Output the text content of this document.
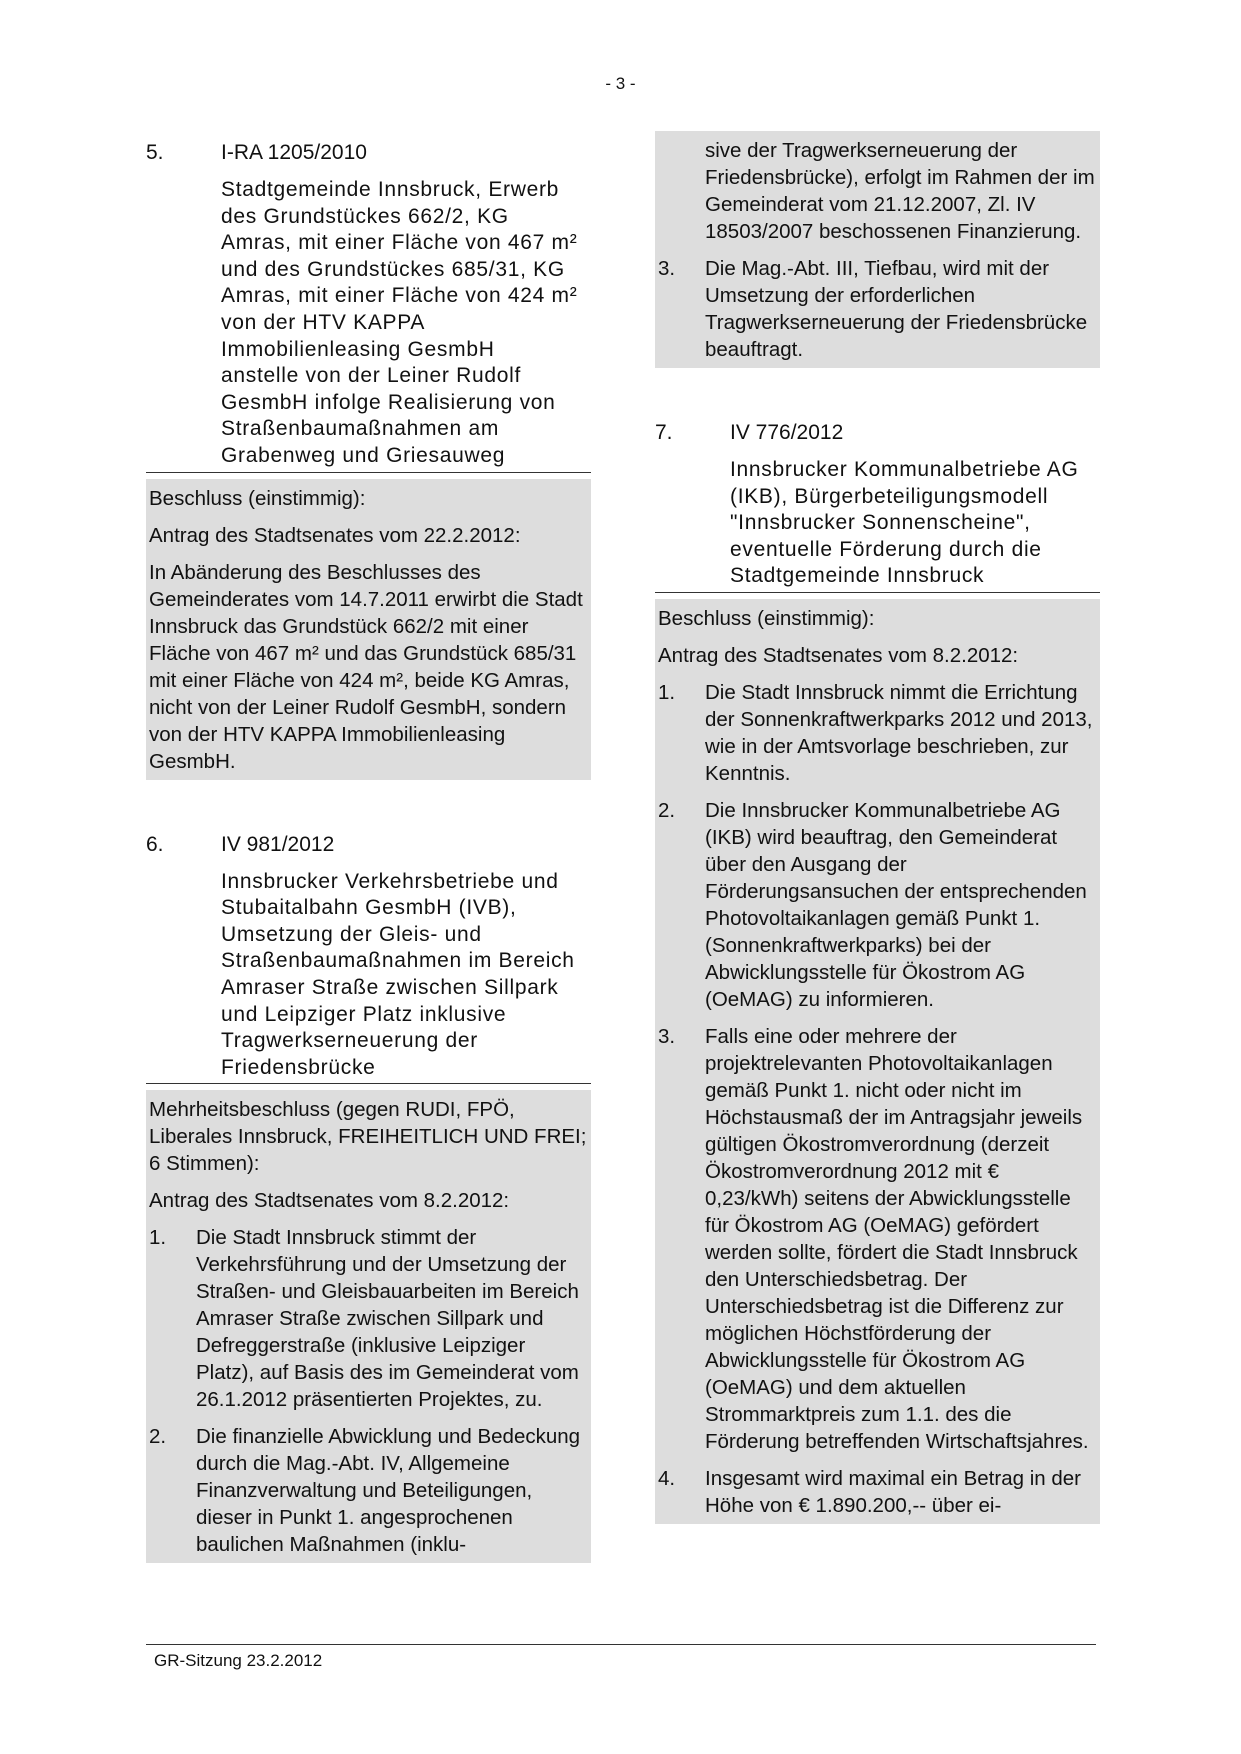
- 3 -
5.	I-RA 1205/2010
Stadtgemeinde Innsbruck, Erwerb des Grundstückes 662/2, KG Amras, mit einer Fläche von 467 m² und des Grundstückes 685/31, KG Amras, mit einer Fläche von 424 m² von der HTV KAPPA Immobilienleasing GesmbH anstelle von der Leiner Rudolf GesmbH infolge Realisierung von Straßenbaumaßnahmen am Grabenweg und Griesauweg

Beschluss (einstimmig):

Antrag des Stadtsenates vom 22.2.2012:

In Abänderung des Beschlusses des Gemeinderates vom 14.7.2011 erwirbt die Stadt Innsbruck das Grundstück 662/2 mit einer Fläche von 467 m² und das Grundstück 685/31 mit einer Fläche von 424 m², beide KG Amras, nicht von der Leiner Rudolf GesmbH, sondern von der HTV KAPPA Immobilienleasing GesmbH.

6.	IV 981/2012
Innsbrucker Verkehrsbetriebe und Stubaitalbahn GesmbH (IVB), Umsetzung der Gleis- und Straßenbaumaßnahmen im Bereich Amraser Straße zwischen Sillpark und Leipziger Platz inklusive Tragwerkserneuerung der Friedensbrücke

Mehrheitsbeschluss (gegen RUDI, FPÖ, Liberales Innsbruck, FREIHEITLICH UND FREI; 6 Stimmen):

Antrag des Stadtsenates vom 8.2.2012:

1.	Die Stadt Innsbruck stimmt der Verkehrsführung und der Umsetzung der Straßen- und Gleisbauarbeiten im Bereich Amraser Straße zwischen Sillpark und Defreggerstraße (inklusive Leipziger Platz), auf Basis des im Gemeinderat vom 26.1.2012 präsentierten Projektes, zu.
2.	Die finanzielle Abwicklung und Bedeckung durch die Mag.-Abt. IV, Allgemeine Finanzverwaltung und Beteiligungen, dieser in Punkt 1. angesprochenen baulichen Maßnahmen (inklu-
sive der Tragwerkserneuerung der Friedensbrücke), erfolgt im Rahmen der im Gemeinderat vom 21.12.2007, Zl. IV 18503/2007 beschossenen Finanzierung.
3.	Die Mag.-Abt. III, Tiefbau, wird mit der Umsetzung der erforderlichen Tragwerkserneuerung der Friedensbrücke beauftragt.
7.	IV 776/2012
Innsbrucker Kommunalbetriebe AG (IKB), Bürgerbeteiligungsmodell "Innsbrucker Sonnenscheine", eventuelle Förderung durch die Stadtgemeinde Innsbruck

Beschluss (einstimmig):

Antrag des Stadtsenates vom 8.2.2012:

1.	Die Stadt Innsbruck nimmt die Errichtung der Sonnenkraftwerkparks 2012 und 2013, wie in der Amtsvorlage beschrieben, zur Kenntnis.
2.	Die Innsbrucker Kommunalbetriebe AG (IKB) wird beauftrag, den Gemeinderat über den Ausgang der Förderungsansuchen der entsprechenden Photovoltaikanlagen gemäß Punkt 1. (Sonnenkraftwerkparks) bei der Abwicklungsstelle für Ökostrom AG (OeMAG) zu informieren.
3.	Falls eine oder mehrere der projektrelevanten Photovoltaikanlagen gemäß Punkt 1. nicht oder nicht im Höchstausmaß der im Antragsjahr jeweils gültigen Ökostromverordnung (derzeit Ökostromverordnung 2012 mit € 0,23/kWh) seitens der Abwicklungsstelle für Ökostrom AG (OeMAG) gefördert werden sollte, fördert die Stadt Innsbruck den Unterschiedsbetrag. Der Unterschiedsbetrag ist die Differenz zur möglichen Höchstförderung der Abwicklungsstelle für Ökostrom AG (OeMAG) und dem aktuellen Strommarktpreis zum 1.1. des die Förderung betreffenden Wirtschaftsjahres.
4.	Insgesamt wird maximal ein Betrag in der Höhe von € 1.890.200,-- über ei-
GR-Sitzung 23.2.2012
